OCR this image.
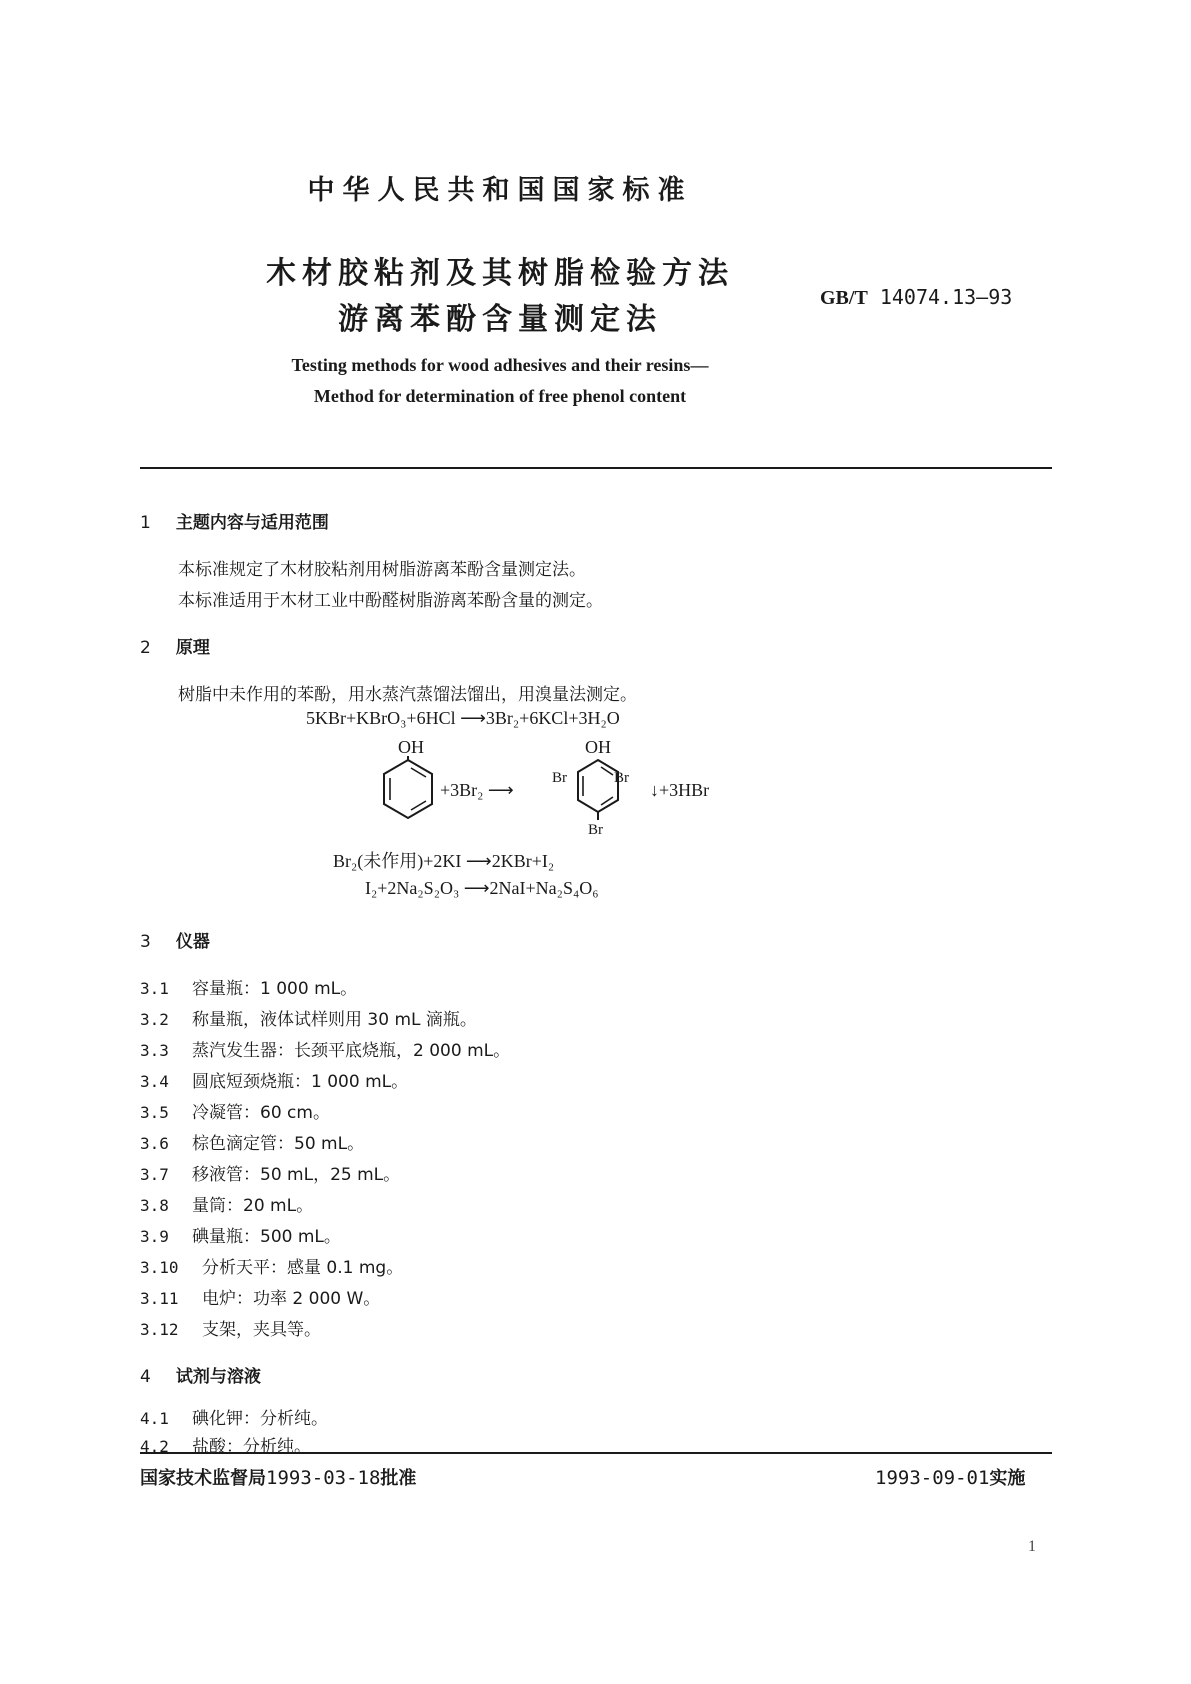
中华人民共和国国家标准
木材胶粘剂及其树脂检验方法
游离苯酚含量测定法
GB/T 14074.13—93
Testing methods for wood adhesives and their resins—
Method for determination of free phenol content
1 主题内容与适用范围
本标准规定了木材胶粘剂用树脂游离苯酚含量测定法。
本标准适用于木材工业中酚醛树脂游离苯酚含量的测定。
2 原理
树脂中未作用的苯酚，用水蒸汽蒸馏法馏出，用溴量法测定。
5KBr+KBrO₃+6HCl ⟶3Br₂+6KCl+3H₂O
OH
+3Br₂ ⟶
OH
Br	Br
Br
↓+3HBr
Br₂(未作用)+2KI ⟶2KBr+I₂
I₂+2Na₂S₂O₃ ⟶2NaI+Na₂S₄O₆
3 仪器
3.1 容量瓶：1 000 mL。
3.2 称量瓶，液体试样则用 30 mL 滴瓶。
3.3 蒸汽发生器：长颈平底烧瓶，2 000 mL。
3.4 圆底短颈烧瓶：1 000 mL。
3.5 冷凝管：60 cm。
3.6 棕色滴定管：50 mL。
3.7 移液管：50 mL，25 mL。
3.8 量筒：20 mL。
3.9 碘量瓶：500 mL。
3.10 分析天平：感量 0.1 mg。
3.11 电炉：功率 2 000 W。
3.12 支架，夹具等。
4 试剂与溶液
4.1 碘化钾：分析纯。
4.2 盐酸：分析纯。
国家技术监督局1993-03-18批准	1993-09-01实施
1
